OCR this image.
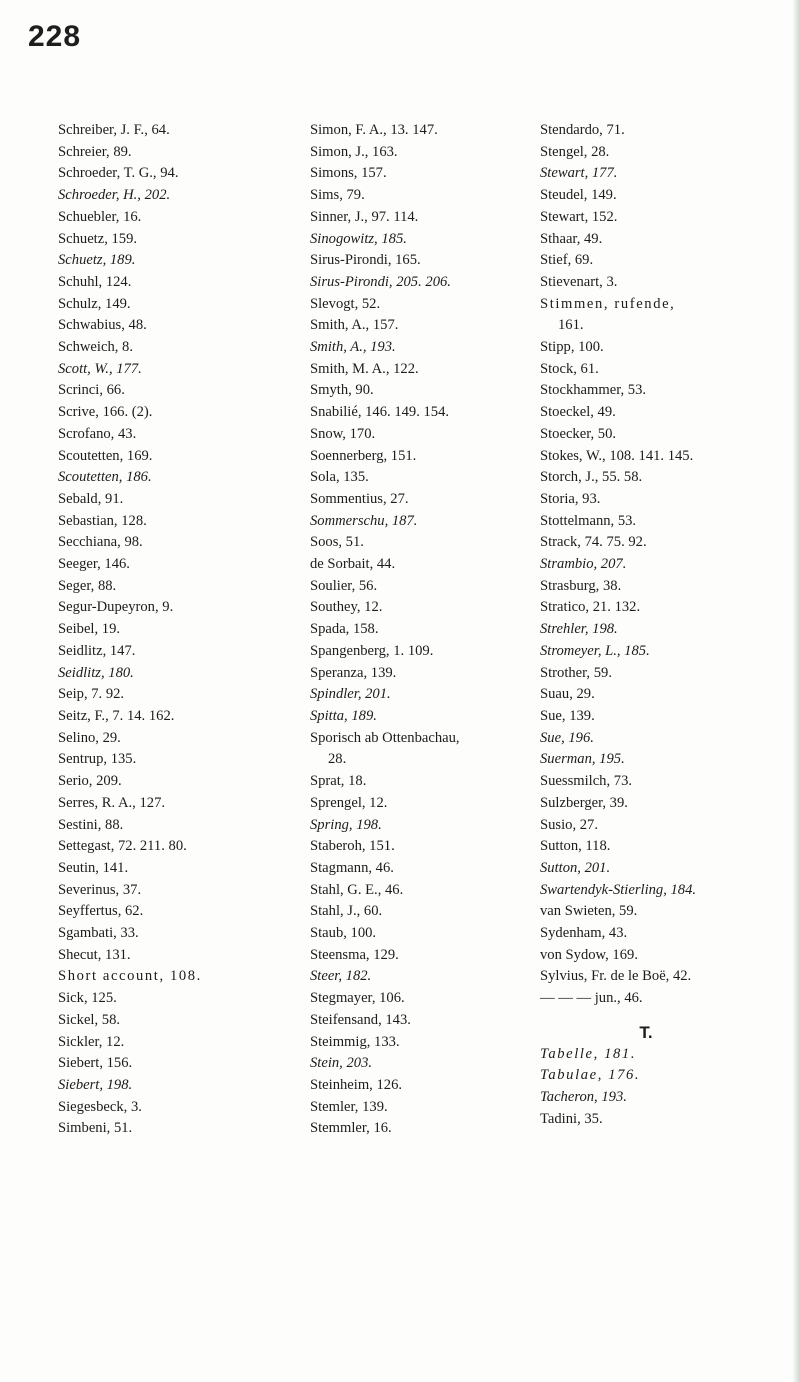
228
Schreiber, J. F., 64.
Schreier, 89.
Schroeder, T. G., 94.
Schroeder, H., 202.
Schuebler, 16.
Schuetz, 159.
Schuetz, 189.
Schuhl, 124.
Schulz, 149.
Schwabius, 48.
Schweich, 8.
Scott, W., 177.
Scrinci, 66.
Scrive, 166. (2).
Scrofano, 43.
Scoutetten, 169.
Scoutetten, 186.
Sebald, 91.
Sebastian, 128.
Secchiana, 98.
Seeger, 146.
Seger, 88.
Segur-Dupeyron, 9.
Seibel, 19.
Seidlitz, 147.
Seidlitz, 180.
Seip, 7. 92.
Seitz, F., 7. 14. 162.
Selino, 29.
Sentrup, 135.
Serio, 209.
Serres, R. A., 127.
Sestini, 88.
Settegast, 72. 211. 80.
Seutin, 141.
Severinus, 37.
Seyffertus, 62.
Sgambati, 33.
Shecut, 131.
Short account, 108.
Sick, 125.
Sickel, 58.
Sickler, 12.
Siebert, 156.
Siebert, 198.
Siegesbeck, 3.
Simbeni, 51.
Simon, F. A., 13. 147.
Simon, J., 163.
Simons, 157.
Sims, 79.
Sinner, J., 97. 114.
Sinogowitz, 185.
Sirus-Pirondi, 165.
Sirus-Pirondi, 205. 206.
Slevogt, 52.
Smith, A., 157.
Smith, A., 193.
Smith, M. A., 122.
Smyth, 90.
Snabilié, 146. 149. 154.
Snow, 170.
Soennerberg, 151.
Sola, 135.
Sommentius, 27.
Sommerschu, 187.
Soos, 51.
de Sorbait, 44.
Soulier, 56.
Southey, 12.
Spada, 158.
Spangenberg, 1. 109.
Speranza, 139.
Spindler, 201.
Spitta, 189.
Sporisch ab Ottenbachau,
28.
Sprat, 18.
Sprengel, 12.
Spring, 198.
Staberoh, 151.
Stagmann, 46.
Stahl, G. E., 46.
Stahl, J., 60.
Staub, 100.
Steensma, 129.
Steer, 182.
Stegmayer, 106.
Steifensand, 143.
Steimmig, 133.
Stein, 203.
Steinheim, 126.
Stemler, 139.
Stemmler, 16.
Stendardo, 71.
Stengel, 28.
Stewart, 177.
Steudel, 149.
Stewart, 152.
Sthaar, 49.
Stief, 69.
Stievenart, 3.
Stimmen, rufende,
161.
Stipp, 100.
Stock, 61.
Stockhammer, 53.
Stoeckel, 49.
Stoecker, 50.
Stokes, W., 108. 141. 145.
Storch, J., 55. 58.
Storia, 93.
Stottelmann, 53.
Strack, 74. 75. 92.
Strambio, 207.
Strasburg, 38.
Stratico, 21. 132.
Strehler, 198.
Stromeyer, L., 185.
Strother, 59.
Suau, 29.
Sue, 139.
Sue, 196.
Suerman, 195.
Suessmilch, 73.
Sulzberger, 39.
Susio, 27.
Sutton, 118.
Sutton, 201.
Swartendyk-Stierling, 184.
van Swieten, 59.
Sydenham, 43.
von Sydow, 169.
Sylvius, Fr. de le Boë, 42.
— — — jun., 46.
T.
Tabelle, 181.
Tabulae, 176.
Tacheron, 193.
Tadini, 35.
